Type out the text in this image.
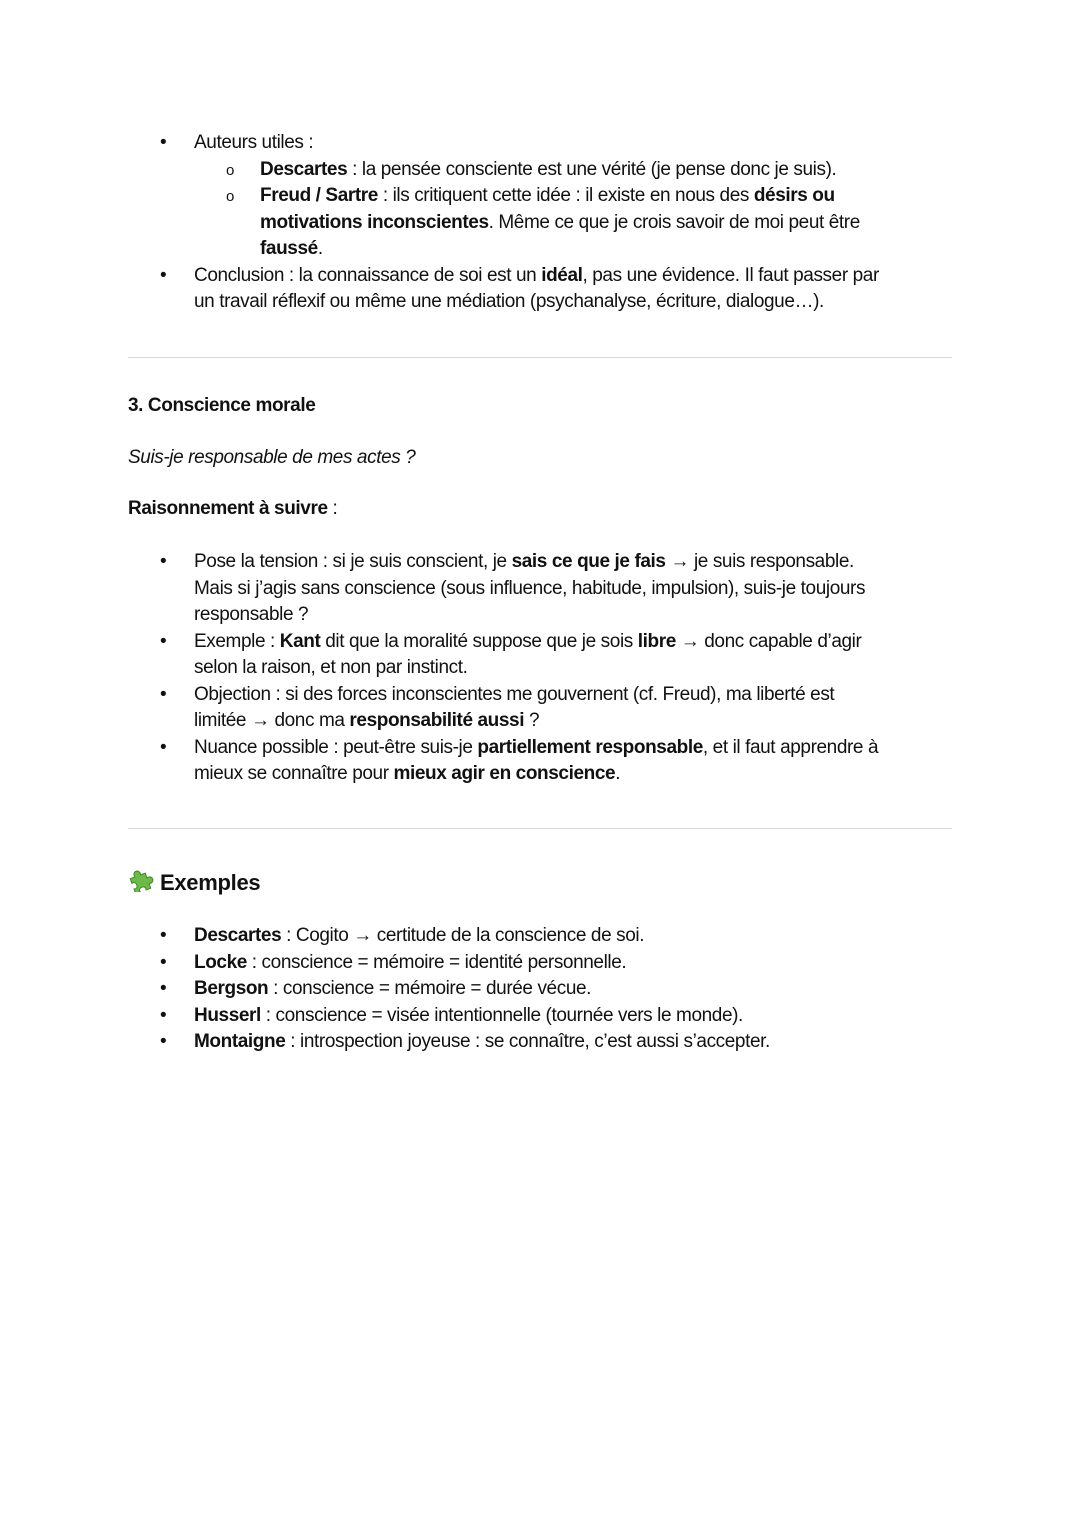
•	Auteurs utiles :
o	Descartes : la pensée consciente est une vérité (je pense donc je suis).
o	Freud / Sartre : ils critiquent cette idée : il existe en nous des désirs ou
motivations inconscientes. Même ce que je crois savoir de moi peut être
faussé.
•	Conclusion : la connaissance de soi est un idéal, pas une évidence. Il faut passer par
un travail réflexif ou même une médiation (psychanalyse, écriture, dialogue…).
3. Conscience morale
Suis-je responsable de mes actes ?
Raisonnement à suivre :
•	Pose la tension : si je suis conscient, je sais ce que je fais → je suis responsable.
Mais si j’agis sans conscience (sous influence, habitude, impulsion), suis-je toujours
responsable ?
•	Exemple : Kant dit que la moralité suppose que je sois libre → donc capable d’agir
selon la raison, et non par instinct.
•	Objection : si des forces inconscientes me gouvernent (cf. Freud), ma liberté est
limitée → donc ma responsabilité aussi ?
•	Nuance possible : peut-être suis-je partiellement responsable, et il faut apprendre à
mieux se connaître pour mieux agir en conscience.
Exemples
•	Descartes : Cogito → certitude de la conscience de soi.
•	Locke : conscience = mémoire = identité personnelle.
•	Bergson : conscience = mémoire = durée vécue.
•	Husserl : conscience = visée intentionnelle (tournée vers le monde).
•	Montaigne : introspection joyeuse : se connaître, c’est aussi s’accepter.
